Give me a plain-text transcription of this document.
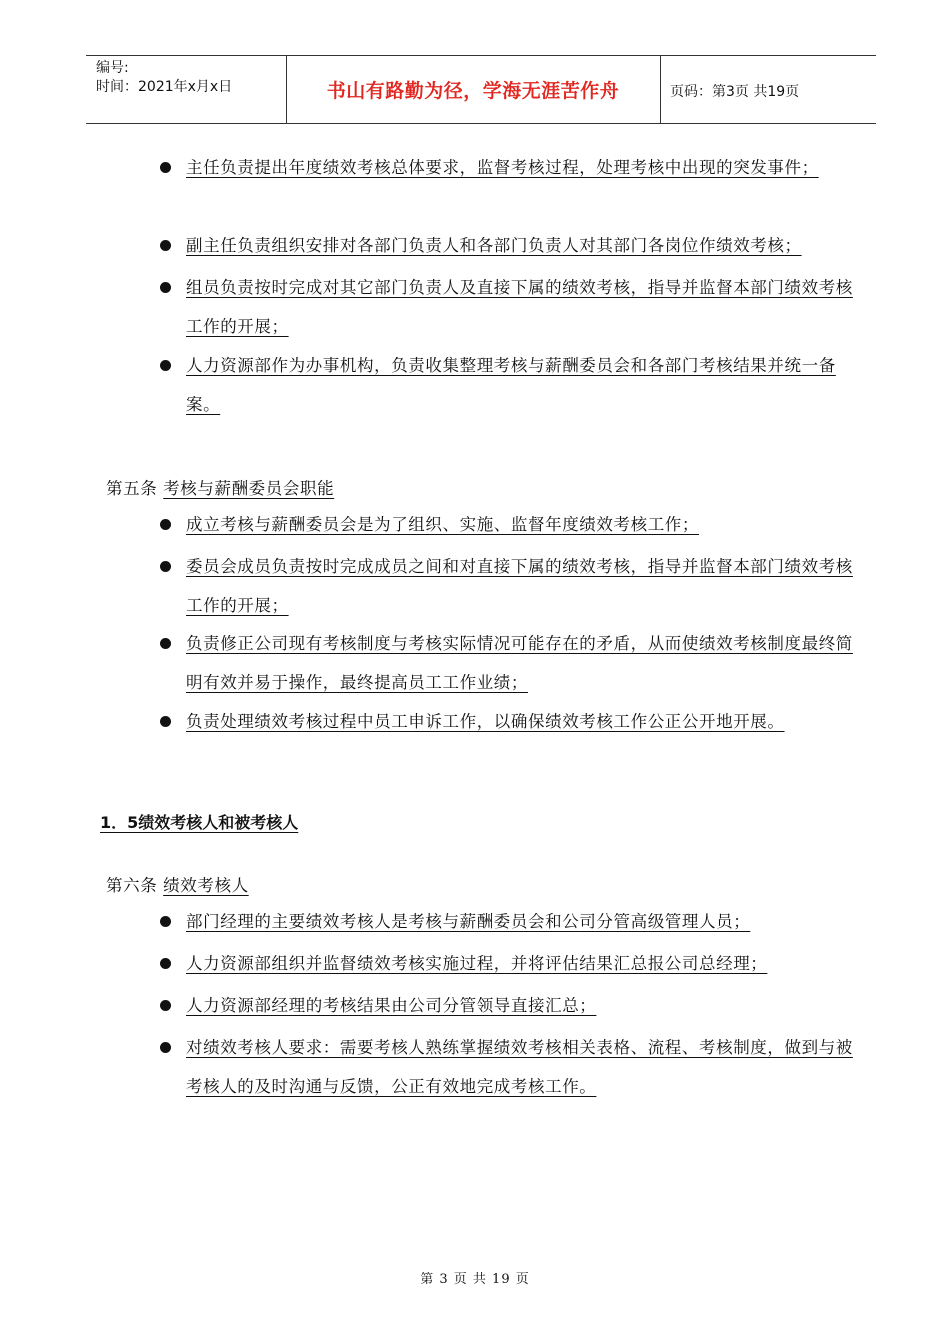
编号:
时间：2021年x月x日	书山有路勤为径，学海无涯苦作舟	页码：第3页 共19页
主任负责提出年度绩效考核总体要求，监督考核过程，处理考核中出现的突发事件；
副主任负责组织安排对各部门负责人和各部门负责人对其部门各岗位作绩效考核；
组员负责按时完成对其它部门负责人及直接下属的绩效考核，指导并监督本部门绩效考核工作的开展；
人力资源部作为办事机构，负责收集整理考核与薪酬委员会和各部门考核结果并统一备案。
第五条 考核与薪酬委员会职能
成立考核与薪酬委员会是为了组织、实施、监督年度绩效考核工作；
委员会成员负责按时完成成员之间和对直接下属的绩效考核，指导并监督本部门绩效考核工作的开展；
负责修正公司现有考核制度与考核实际情况可能存在的矛盾，从而使绩效考核制度最终简明有效并易于操作，最终提高员工工作业绩；
负责处理绩效考核过程中员工申诉工作，以确保绩效考核工作公正公开地开展。
1．5绩效考核人和被考核人
第六条 绩效考核人
部门经理的主要绩效考核人是考核与薪酬委员会和公司分管高级管理人员；
人力资源部组织并监督绩效考核实施过程，并将评估结果汇总报公司总经理；
人力资源部经理的考核结果由公司分管领导直接汇总；
对绩效考核人要求：需要考核人熟练掌握绩效考核相关表格、流程、考核制度，做到与被考核人的及时沟通与反馈，公正有效地完成考核工作。
第 3 页 共 19 页
